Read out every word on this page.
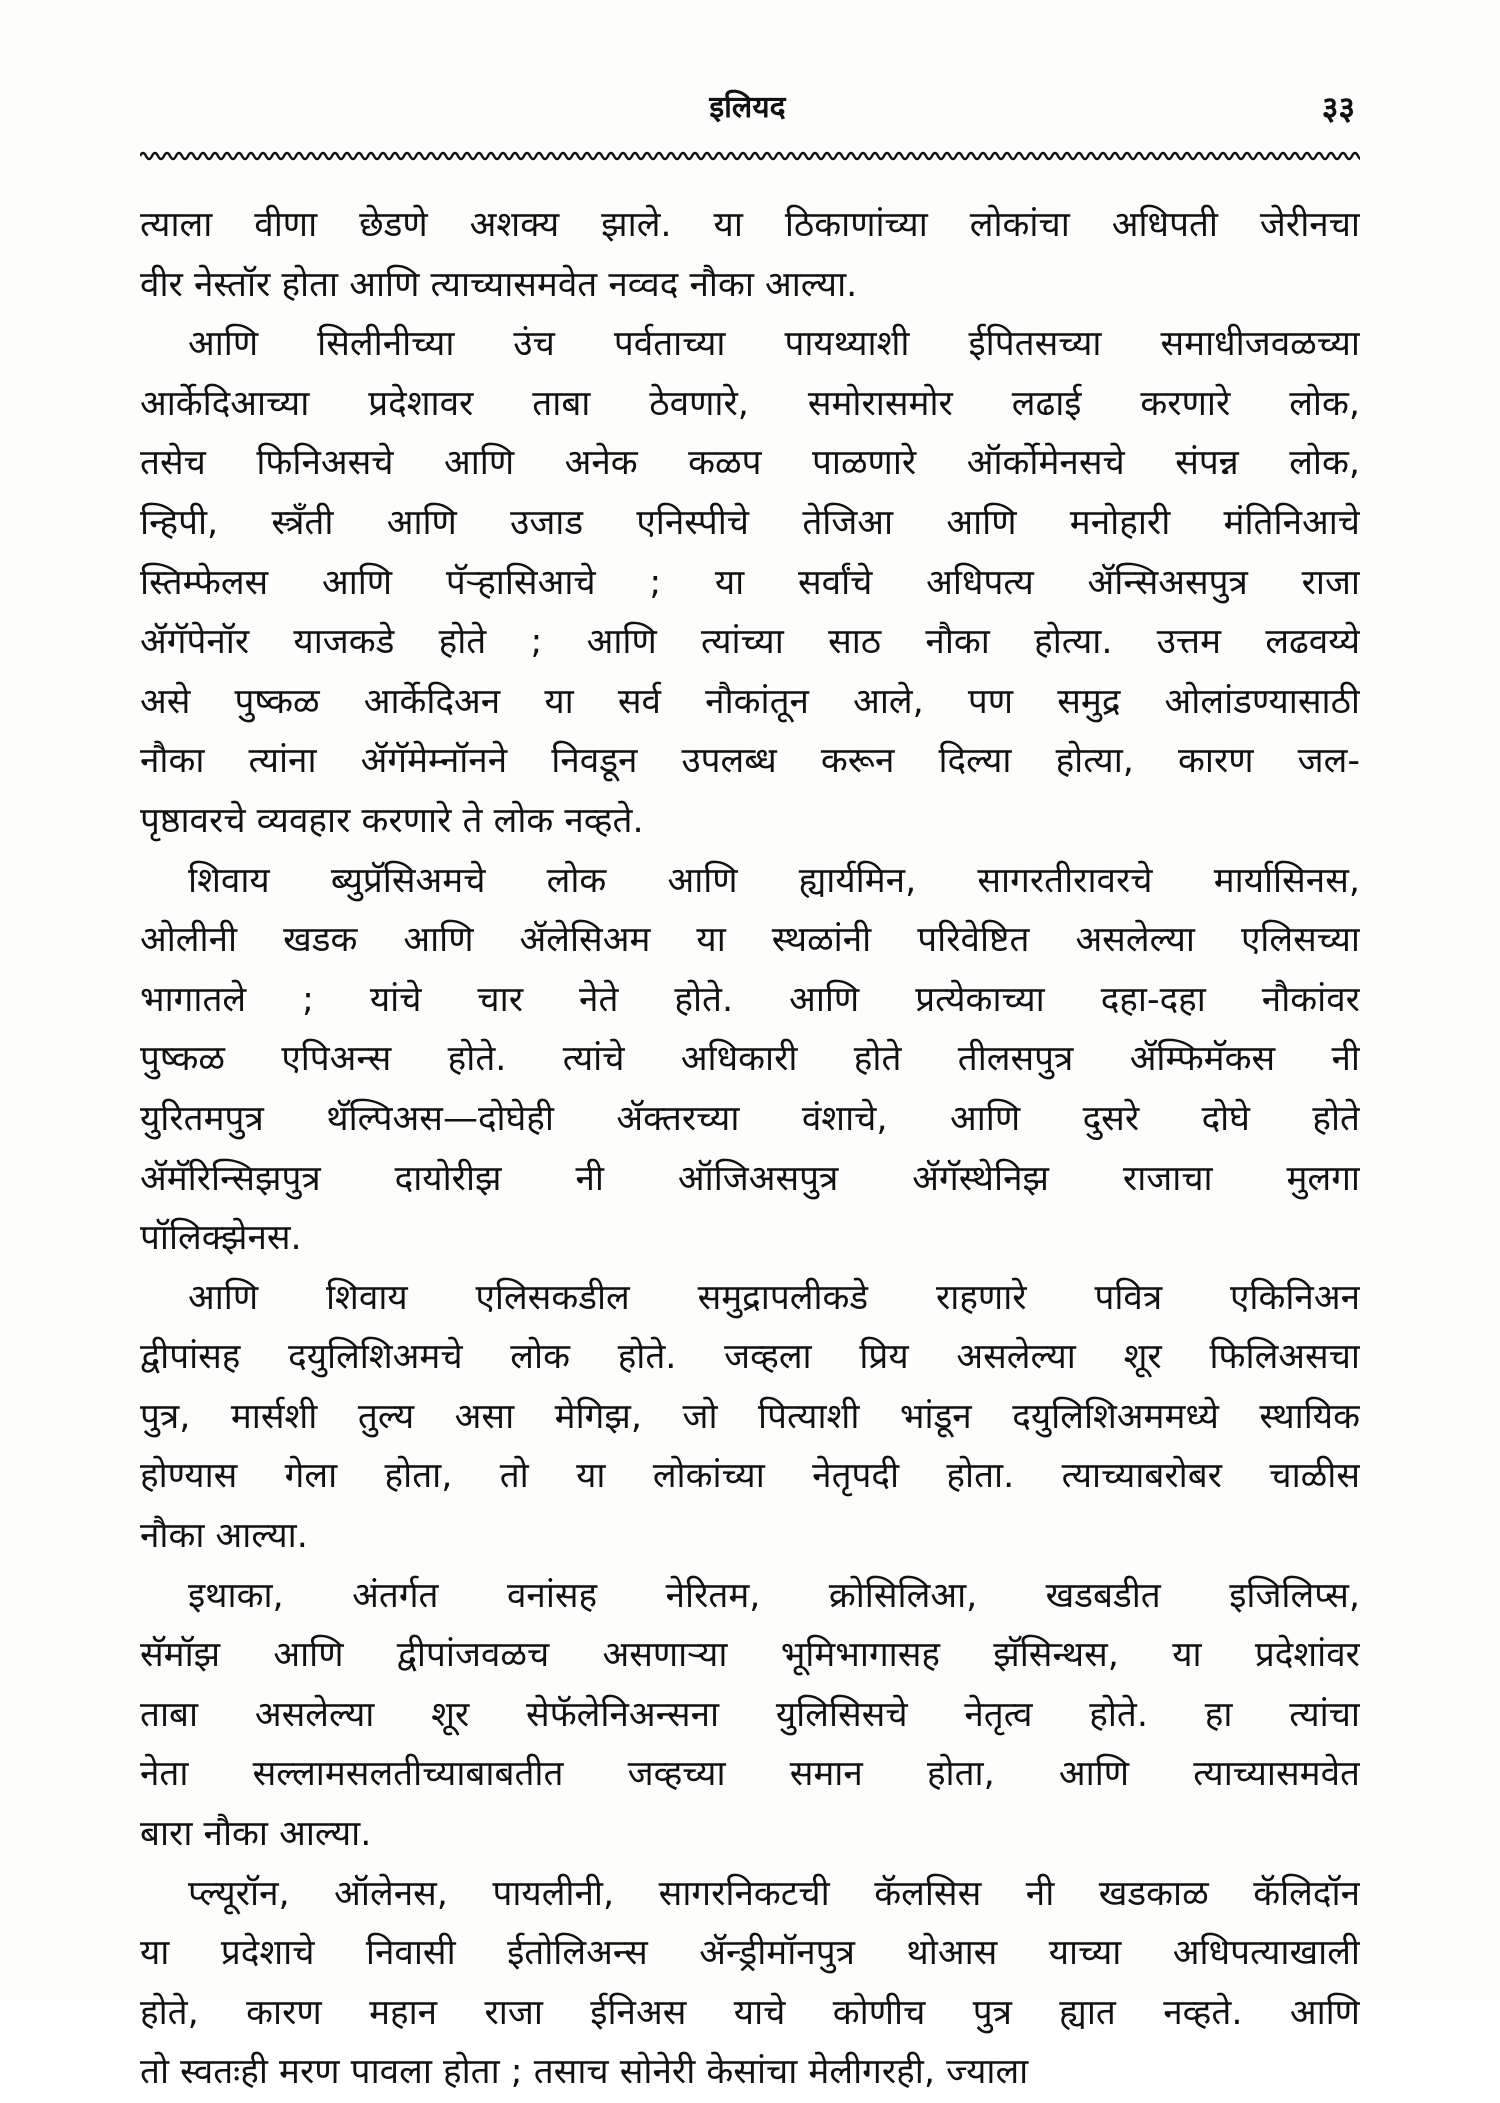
इलियद	३३

त्याला वीणा छेडणे अशक्य झाले. या ठिकाणांच्या लोकांचा अधिपती जेरीनचा
वीर नेस्तॉर होता आणि त्याच्यासमवेत नव्वद नौका आल्या.

आणि सिलीनीच्या उंच पर्वताच्या पायथ्याशी ईपितसच्या समाधीजवळच्या
आर्केदिआच्या प्रदेशावर ताबा ठेवणारे, समोरासमोर लढाई करणारे लोक,
तसेच फिनिअसचे आणि अनेक कळप पाळणारे ऑर्कोमेनसचे संपन्न लोक,
न्हिपी, स्त्रँती आणि उजाड एनिस्पीचे तेजिआ आणि मनोहारी मंतिनिआचे
स्तिम्फेलस आणि पॅऱ्हासिआचे ; या सर्वांचे अधिपत्य ॲन्सिअसपुत्र राजा
ॲगॅपेनॉर याजकडे होते ; आणि त्यांच्या साठ नौका होत्या. उत्तम लढवय्ये
असे पुष्कळ आर्केदिअन या सर्व नौकांतून आले, पण समुद्र ओलांडण्यासाठी
नौका त्यांना ॲगॅमेम्नॉनने निवडून उपलब्ध करून दिल्या होत्या, कारण जल-
पृष्ठावरचे व्यवहार करणारे ते लोक नव्हते.

शिवाय ब्युप्रॅसिअमचे लोक आणि ह्यार्यमिन, सागरतीरावरचे मार्यासिनस,
ओलीनी खडक आणि ॲलेसिअम या स्थळांनी परिवेष्टित असलेल्या एलिसच्या
भागातले ; यांचे चार नेते होते. आणि प्रत्येकाच्या दहा-दहा नौकांवर
पुष्कळ एपिअन्स होते. त्यांचे अधिकारी होते तीलसपुत्र ॲम्फिमॅकस नी
युरितमपुत्र थॅल्पिअस—दोघेही ॲक्तरच्या वंशाचे, आणि दुसरे दोघे होते
ॲमॅरिन्सिझपुत्र दायोरीझ नी ऑजिअसपुत्र ॲगॅस्थेनिझ राजाचा मुलगा
पॉलिक्झेनस.

आणि शिवाय एलिसकडील समुद्रापलीकडे राहणारे पवित्र एकिनिअन
द्वीपांसह दयुलिशिअमचे लोक होते. जव्हला प्रिय असलेल्या शूर फिलिअसचा
पुत्र, मार्सशी तुल्य असा मेगिझ, जो पित्याशी भांडून दयुलिशिअममध्ये स्थायिक
होण्यास गेला होता, तो या लोकांच्या नेतृपदी होता. त्याच्याबरोबर चाळीस
नौका आल्या.

इथाका, अंतर्गत वनांसह नेरितम, क्रोसिलिआ, खडबडीत इजिलिप्स,
सॅमॉझ आणि द्वीपांजवळच असणाऱ्या भूमिभागासह झॅसिन्थस, या प्रदेशांवर
ताबा असलेल्या शूर सेफॅलेनिअन्सना युलिसिसचे नेतृत्व होते. हा त्यांचा
नेता सल्लामसलतीच्याबाबतीत जव्हच्या समान होता, आणि त्याच्यासमवेत
बारा नौका आल्या.

प्ल्यूरॉन, ऑलेनस, पायलीनी, सागरनिकटची कॅलसिस नी खडकाळ कॅलिदॉन
या प्रदेशाचे निवासी ईतोलिअन्स ॲन्ड्रीमॉनपुत्र थोआस याच्या अधिपत्याखाली
होते, कारण महान राजा ईनिअस याचे कोणीच पुत्र ह्यात नव्हते. आणि
तो स्वतःही मरण पावला होता ; तसाच सोनेरी केसांचा मेलीगरही, ज्याला
